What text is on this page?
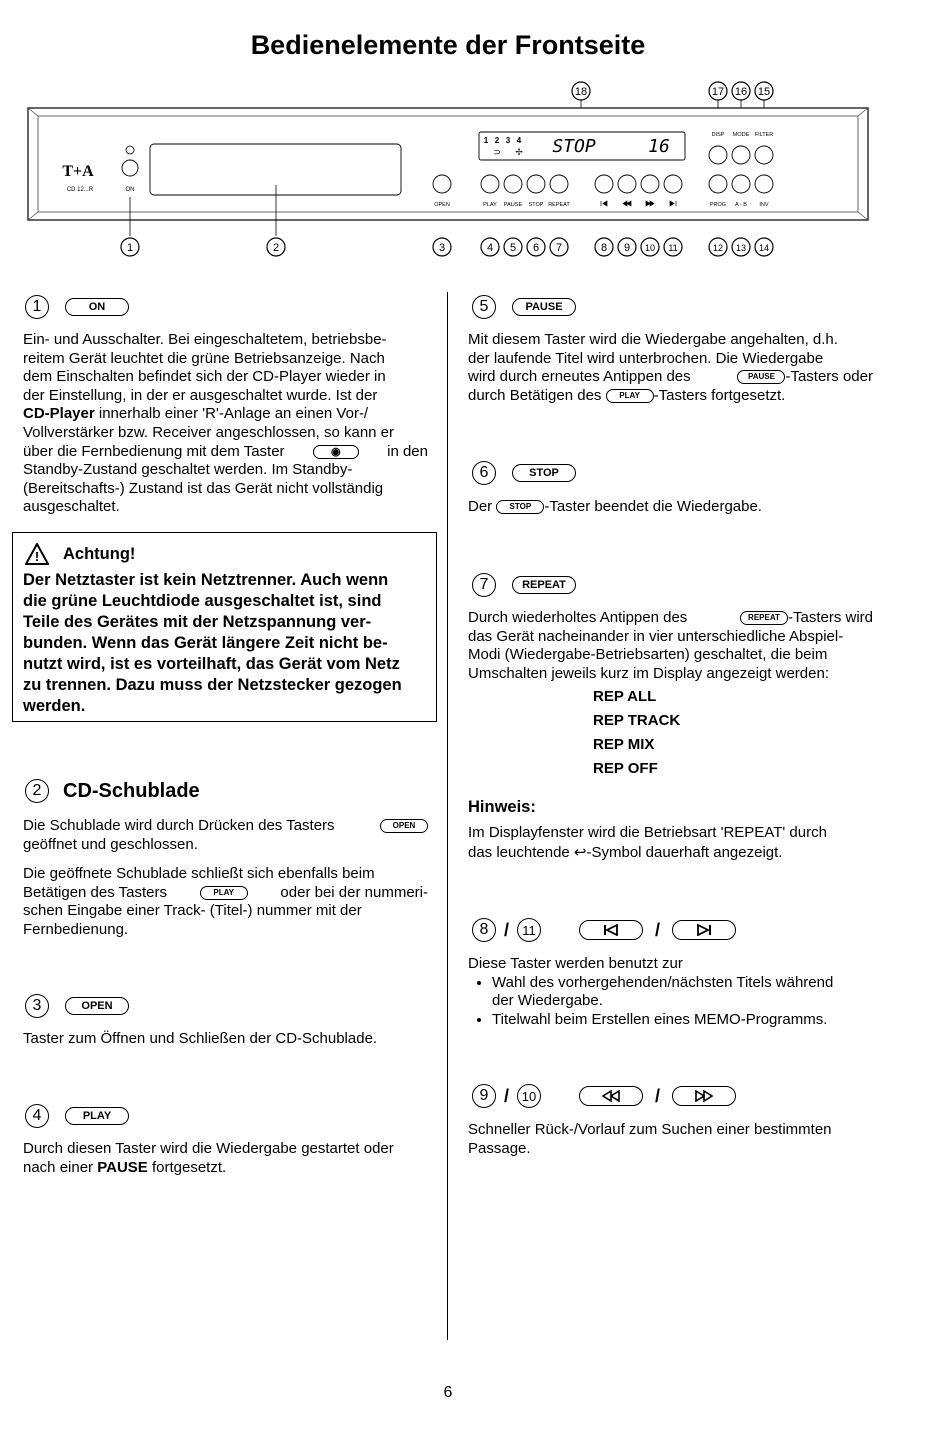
Bedienelemente der Frontseite
18	17 16 15
T+A
CD 12...R	ON
OPEN	PLAY PAUSE STOP REPEAT	PROG A - B INV
DISP MODE FILTER
1 2 3 4
⊃ ✢ STOP	16
1	2	3	4 5 6 7	8 9 10 11	12 13 14
1	ON
Ein- und Ausschalter. Bei eingeschaltetem, betriebsbe-
reitem Gerät leuchtet die grüne Betriebsanzeige. Nach
dem Einschalten befindet sich der CD-Player wieder in
der Einstellung, in der er ausgeschaltet wurde. Ist der
CD-Player innerhalb einer 'R'-Anlage an einen Vor-/
Vollverstärker bzw. Receiver angeschlossen, so kann er
über die Fernbedienung mit dem Taster	◉	in den
Standby-Zustand geschaltet werden. Im Standby-
(Bereitschafts-) Zustand ist das Gerät nicht vollständig
ausgeschaltet.
! Achtung!
Der Netztaster ist kein Netztrenner. Auch wenn
die grüne Leuchtdiode ausgeschaltet ist, sind
Teile des Gerätes mit der Netzspannung ver-
bunden. Wenn das Gerät längere Zeit nicht be-
nutzt wird, ist es vorteilhaft, das Gerät vom Netz
zu trennen. Dazu muss der Netzstecker gezogen
werden.
2	CD-Schublade
Die Schublade wird durch Drücken des Tasters	OPEN
geöffnet und geschlossen.
Die geöffnete Schublade schließt sich ebenfalls beim
Betätigen des Tasters	PLAY	oder bei der nummeri-
schen Eingabe einer Track- (Titel-) nummer mit der
Fernbedienung.
3	OPEN
Taster zum Öffnen und Schließen der CD-Schublade.
4	PLAY
Durch diesen Taster wird die Wiedergabe gestartet oder
nach einer PAUSE fortgesetzt.
5	PAUSE
Mit diesem Taster wird die Wiedergabe angehalten, d.h.
der laufende Titel wird unterbrochen. Die Wiedergabe
wird durch erneutes Antippen des	PAUSE -Tasters oder
durch Betätigen des PLAY -Tasters fortgesetzt.
6	STOP
Der STOP -Taster beendet die Wiedergabe.
7	REPEAT
Durch wiederholtes Antippen des	REPEAT -Tasters wird
das Gerät nacheinander in vier unterschiedliche Abspiel-
Modi (Wiedergabe-Betriebsarten) geschaltet, die beim
Umschalten jeweils kurz im Display angezeigt werden:
REP ALL
REP TRACK
REP MIX
REP OFF
Hinweis:
Im Displayfenster wird die Betriebsart 'REPEAT' durch
das leuchtende ↩-Symbol dauerhaft angezeigt.
8 /	11	/
Diese Taster werden benutzt zur
• Wahl des vorhergehenden/nächsten Titels während
der Wiedergabe.
• Titelwahl beim Erstellen eines MEMO-Programms.
9 / 10	/
Schneller Rück-/Vorlauf zum Suchen einer bestimmten
Passage.
6
